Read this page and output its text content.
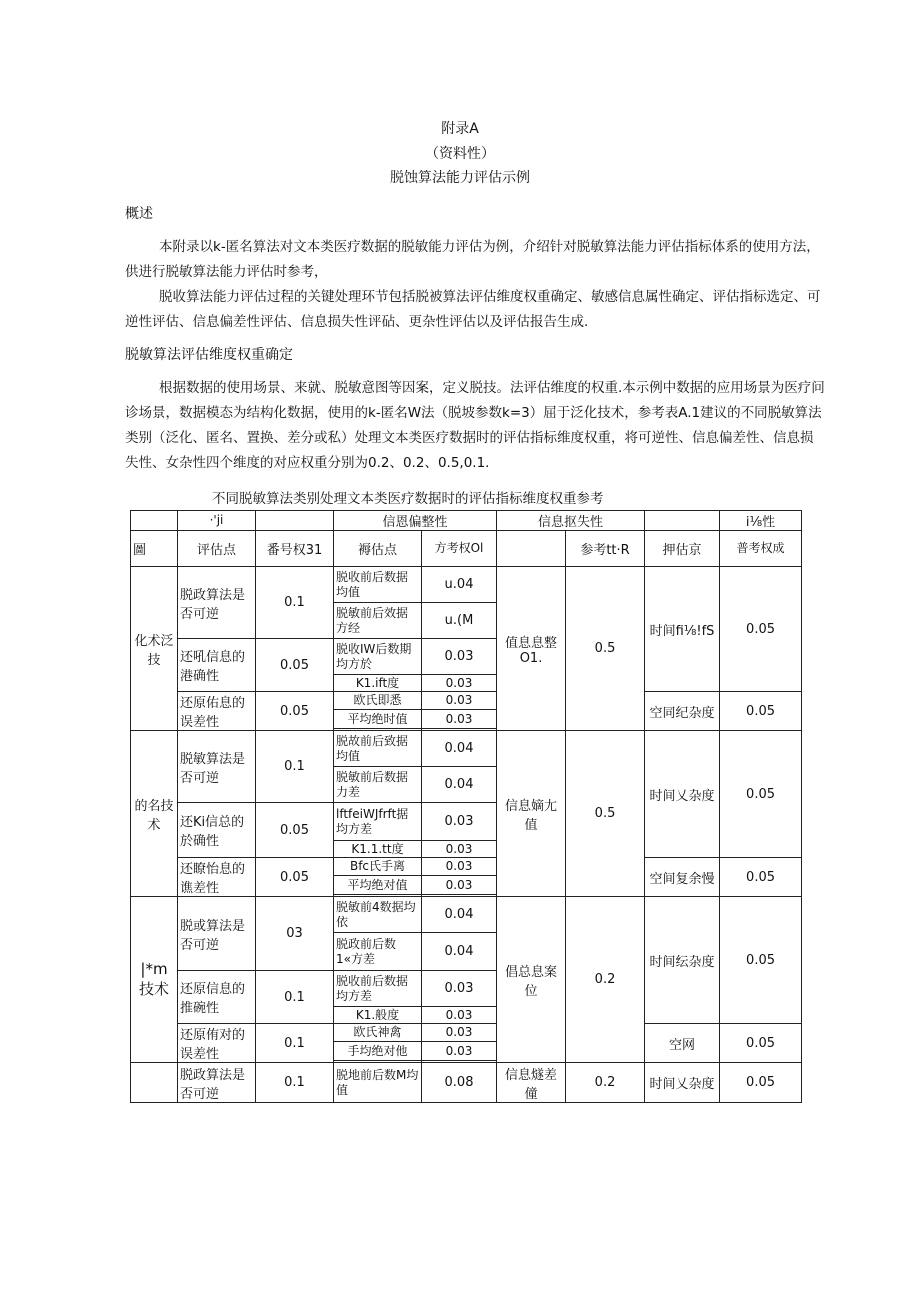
附录A
（资料性）
脱蚀算法能力评估示例
概述
本附录以k-匿名算法对文本类医疗数据的脱敏能力评估为例，介绍针对脱敏算法能力评估指标体系的使用方法，供进行脱敏算法能力评估时参考，
脱收算法能力评估过程的关键处理环节包括脱被算法评估维度权重确定、敏感信息属性确定、评估指标选定、可逆性评估、信息偏差性评估、信息损失性评砧、更杂性评估以及评估报告生成.
脱敏算法评估维度权重确定
根据数据的使用场景、来就、脱敏意图等因案，定义脱技。法评估维度的权重.本示例中数据的应用场景为医疗问诊场景，数据模态为结构化数据，使用的k-匿名W法（脱坡参数k=3）屈于泛化技术，参考表A.1建议的不同脱敏算法类别（泛化、匿名、置换、差分或私）处理文本类医疗数据时的评估指标维度权重，将可逆性、信息偏差性、信息损失性、女杂性四个维度的对应权重分别为0.2、0.2、0.5,0.1.
不同脱敏算法类别处理文本类医疗数据时的评估指标维度权重参考
	·'ji		信恩偏整性		信息抠失性			i⅛性
圖	评估点	番号权31	褥估点	方考权Ol		参考tt·R	押估京	普考权成
化术泛技	脱政算法是否可逆	0.1	脱收前后数据均值	u.04	值息息整O1.	0.5	时间fi⅛!fS	0.05
			脱敏前后效据方经	u.(M				
	还吼信息的港确性	0.05	脱收IW后数期均方於	0.03				
			K1.ift度	0.03				
	还原佑息的误差性	0.05	欧氏即悉	0.03			空同纪杂度	0.05
			平均绝时值	0.03				

的名技术	脱敏算法是否可逆	0.1	脱故前后致据均值	0.04	信息嫡尢值	0.5	时间乂杂度	0.05
			脱敏前后数据力差	0.04				
	还Ki信总的於确性	0.05	lftfeiWJfrft据均方差	0.03				
			K1.1.tt度	0.03				
	还瞭怡息的谯差性	0.05	Bfc氏手离	0.03			空间复余慢	0.05
			平均绝对值	0.03				

|*m技术	脱或算法是否可逆	03	脱敏前4数据均依	0.04	倡总息案位	0.2	时间纭杂度	0.05
			脱政前后数1«方差	0.04				
	还原信息的推碗性	0.1	脱收前后数据均方差	0.03				
			K1.般度	0.03				
	还原侑对的误差性	0.1	欧氏神禽	0.03			空网	0.05
			手均绝对他	0.03				

	脱政算法是否可逆	0.1	脱地前后数M均值	0.08	信息燧差僮	0.2	时间乂杂度	0.05
